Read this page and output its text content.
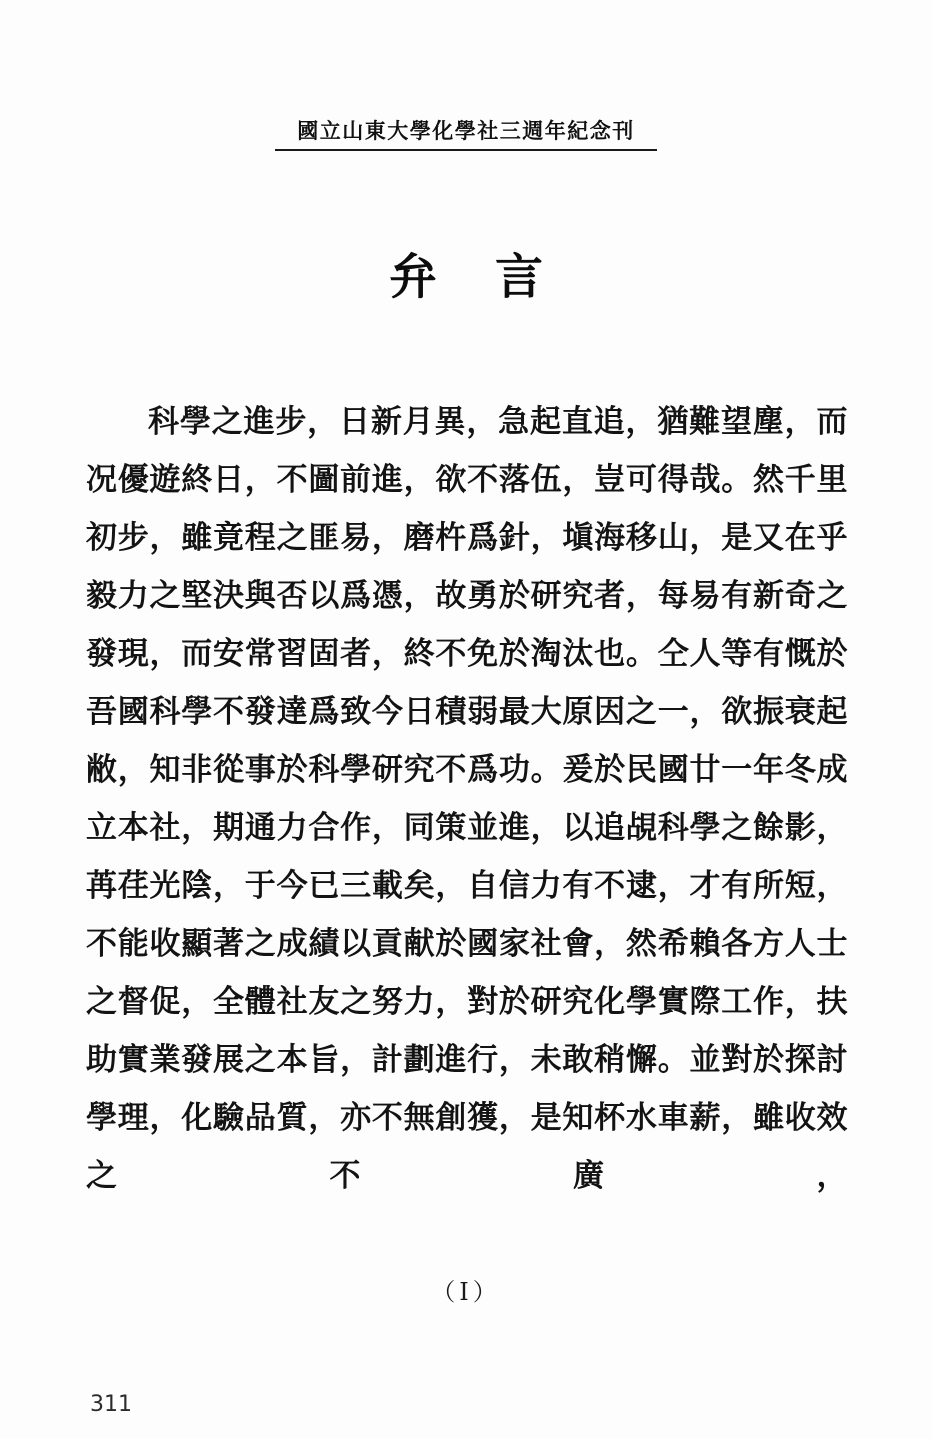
國立山東大學化學社三週年紀念刊
弁言

科學之進步，日新月異，急起直追，猶難望塵，而况優遊終日，不圖前進，欲不落伍，豈可得哉。然千里初步，雖竟程之匪易，磨杵爲針，塡海移山，是又在乎毅力之堅決與否以爲憑，故勇於研究者，每易有新奇之發現，而安常習固者，終不免於淘汰也。仝人等有慨於吾國科學不發達爲致今日積弱最大原因之一，欲振衰起敝，知非從事於科學研究不爲功。爰於民國廿一年冬成立本社，期通力合作，同策並進，以追覘科學之餘影，苒荏光陰，于今已三載矣，自信力有不逮，才有所短，不能收顯著之成績以貢献於國家社會，然希賴各方人士之督促，全體社友之努力，對於研究化學實際工作，扶助實業發展之本旨，計劃進行，未敢稍懈。並對於探討學理，化驗品質，亦不無創獲，是知杯水車薪，雖收效之不廣，

（Ⅰ）
311
